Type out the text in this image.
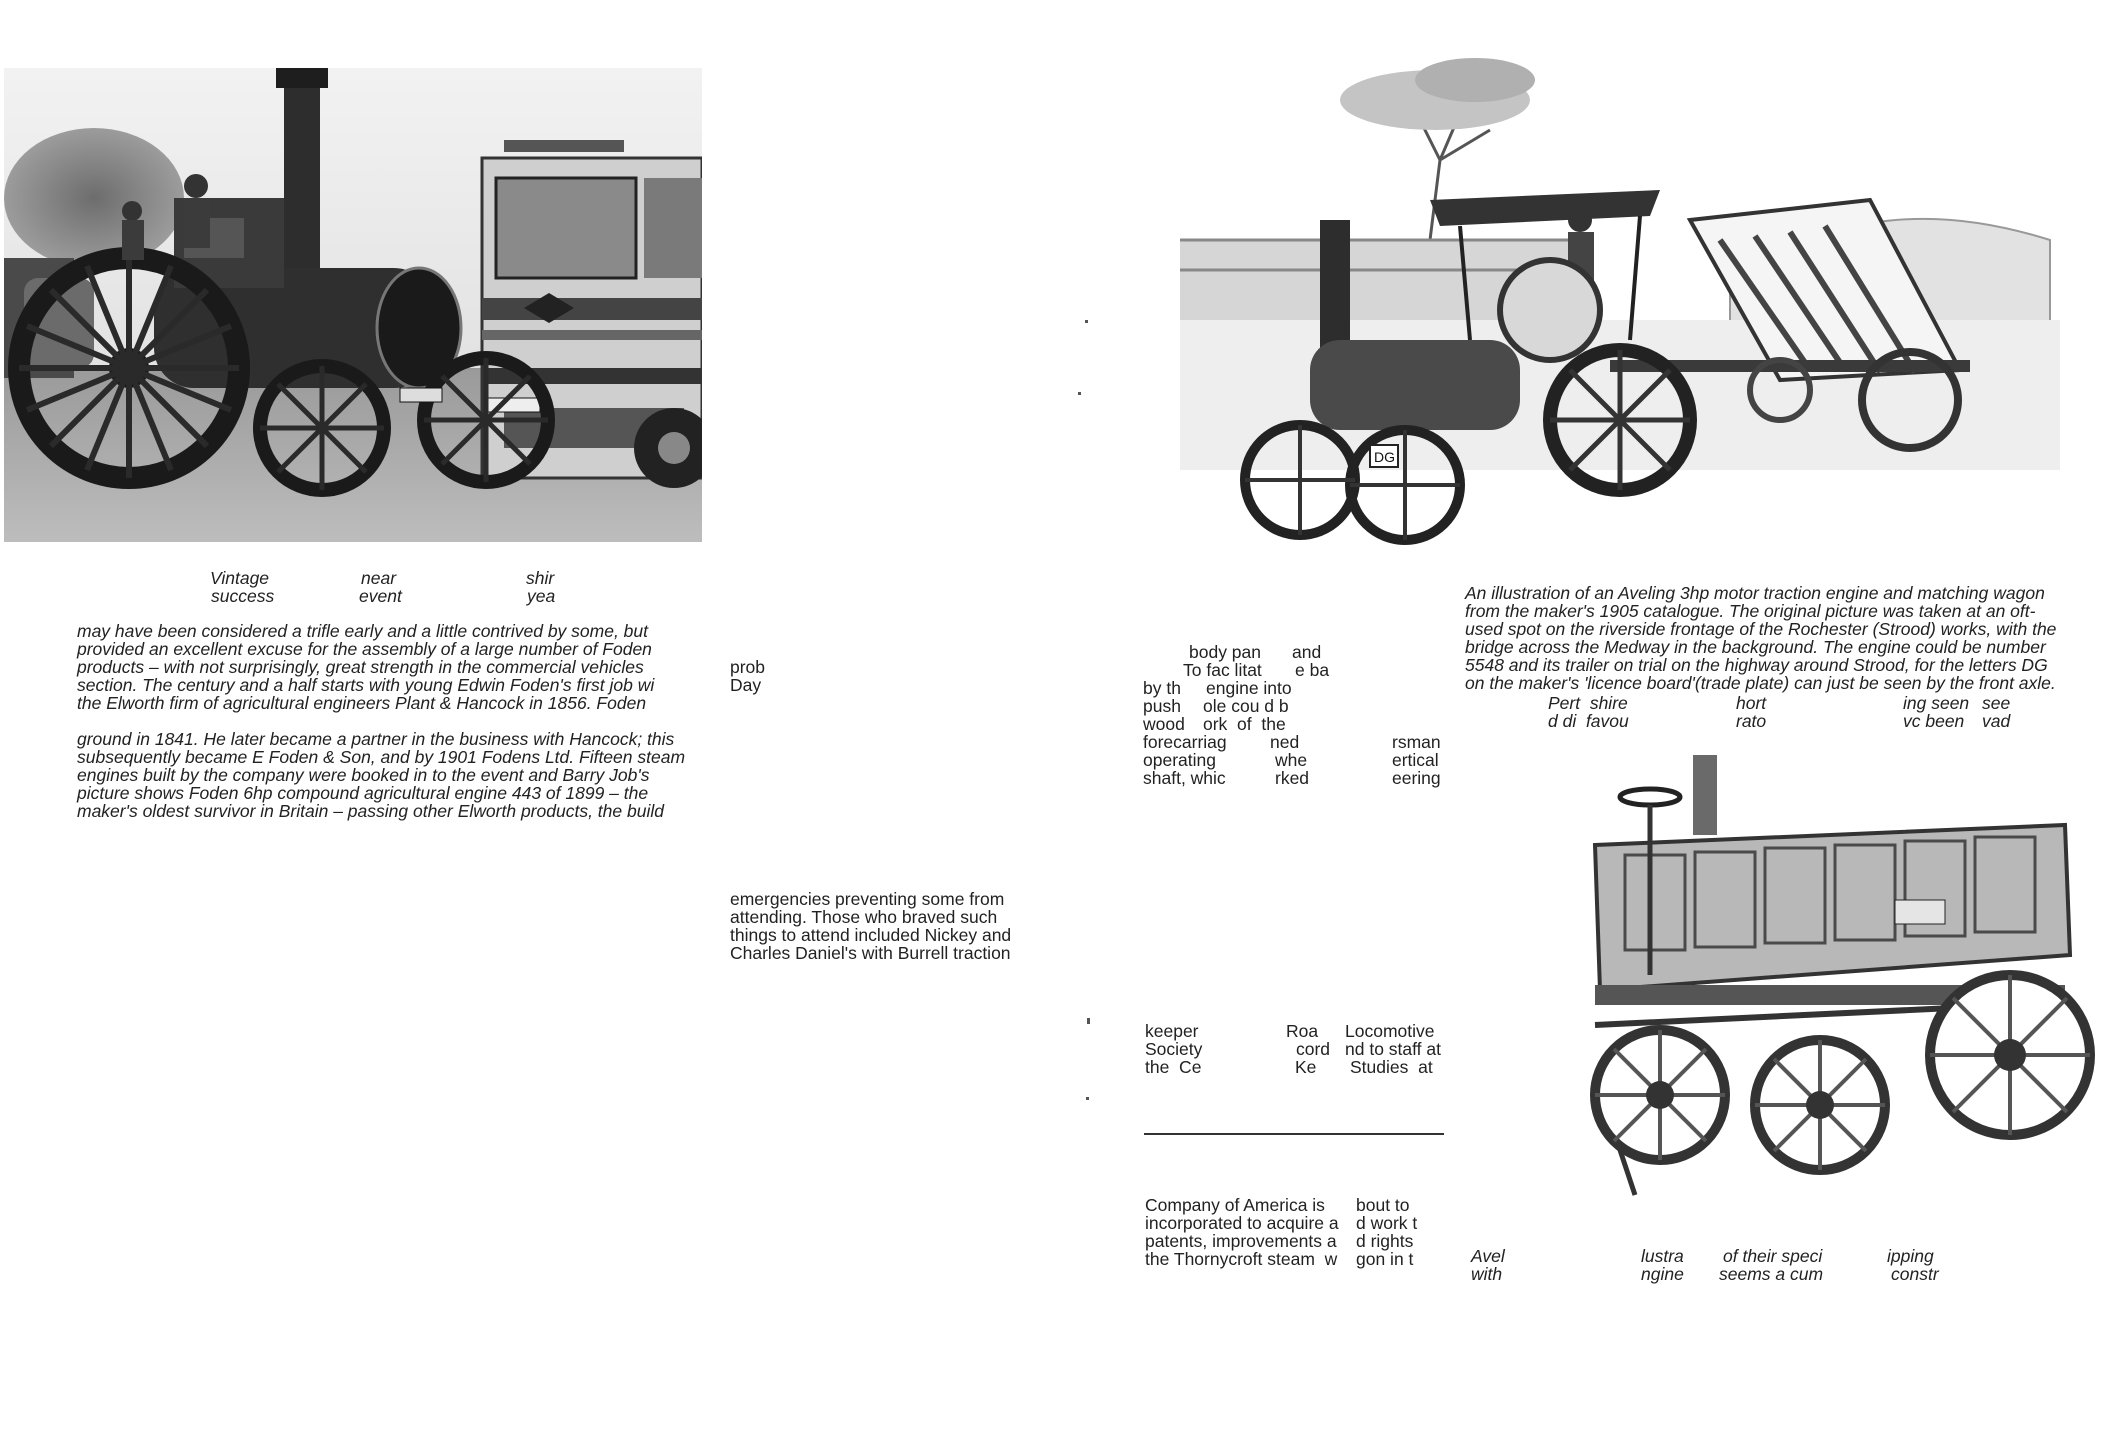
Vintage	near	shir
success	event	yea
may have been considered a trifle early and a little contrived by some, but
provided an excellent excuse for the assembly of a large number of Foden
products – with not surprisingly, great strength in the commercial vehicles
section. The century and a half starts with young Edwin Foden's first job wi
the Elworth firm of agricultural engineers Plant & Hancock in 1856. Foden
ground in 1841. He later became a partner in the business with Hancock; this
subsequently became E Foden & Son, and by 1901 Fodens Ltd. Fifteen steam
engines built by the company were booked in to the event and Barry Job's
picture shows Foden 6hp compound agricultural engine 443 of 1899 – the
maker's oldest survivor in Britain – passing other Elworth products, the build
prob
Day
emergencies preventing some from
attending. Those who braved such
things to attend included Nickey and
Charles Daniel's with Burrell traction
DG
An illustration of an Aveling 3hp motor traction engine and matching wagon
from the maker's 1905 catalogue. The original picture was taken at an oft-
used spot on the riverside frontage of the Rochester (Strood) works, with the
bridge across the Medway in the background. The engine could be number
5548 and its trailer on trial on the highway around Strood, for the letters DG
on the maker's 'licence board'(trade plate) can just be seen by the front axle.
Pert  shire	hort	ing seen see
d di  favou	rato	vc been vad
body pan and
To fac litat e ba
by th engine into
push ole cou d b
wood ork  of  the
forecarriag ned	rsman
operating	whe	ertical
shaft, whic	rked	eering
keeper	Roa Locomotive
Society	cord nd to staff at
the  Ce	Ke Studies  at
Company of America is bout to
incorporated to acquire a d work t
patents, improvements a d rights
the Thornycroft steam  w gon in t	Avel	lustra of their speci	ipping
with	ngine seems a cum	constr
